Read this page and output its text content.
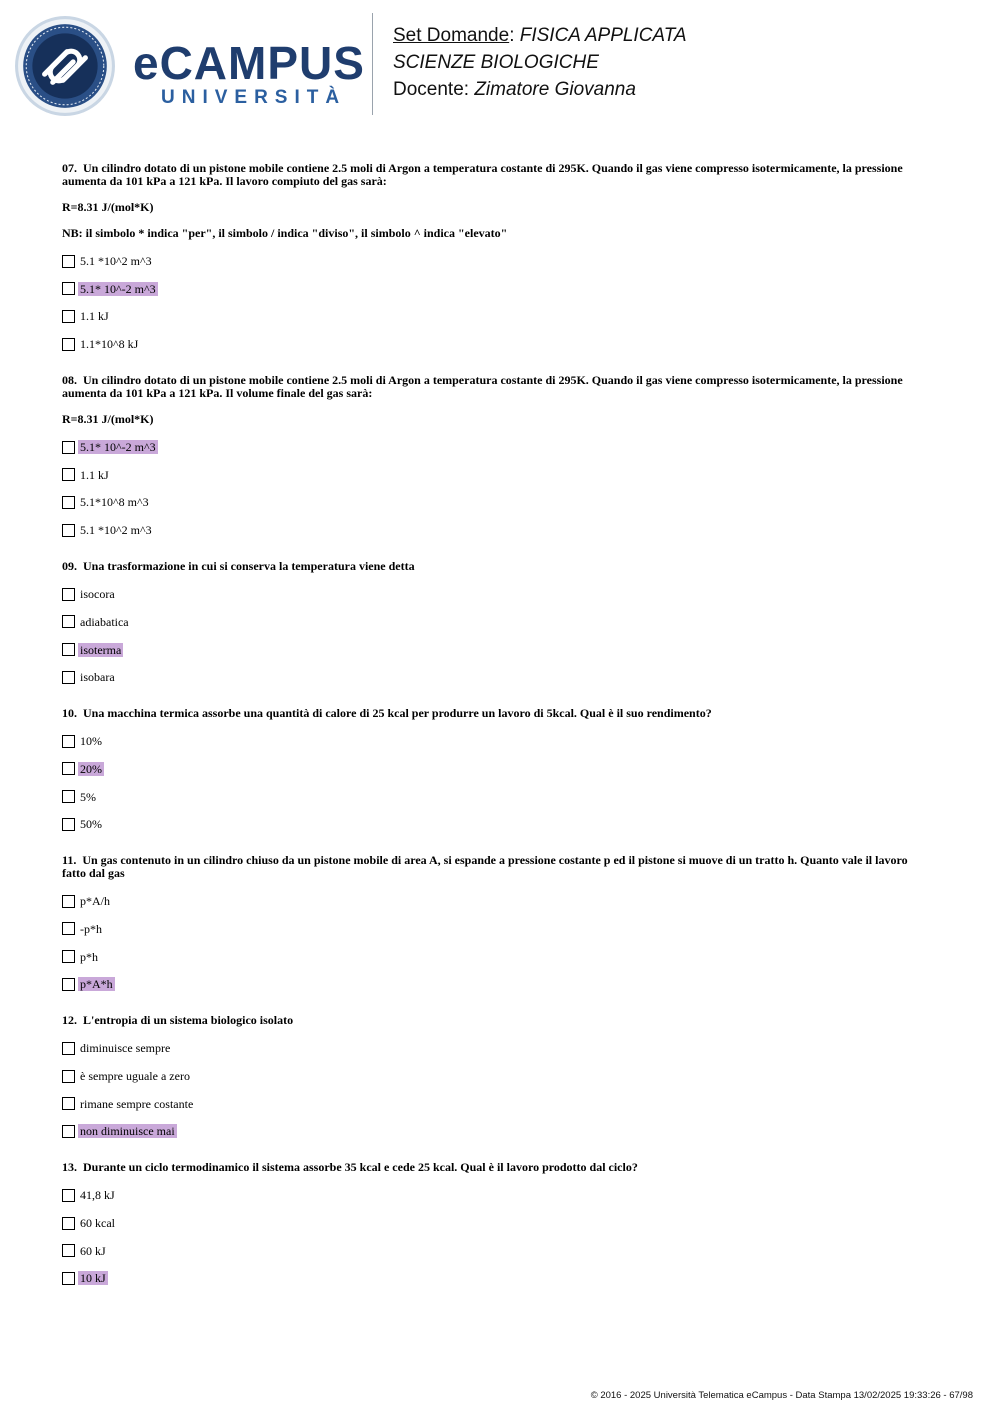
eCAMPUS
UNIVERSITÀ
Set Domande: FISICA APPLICATA
SCIENZE BIOLOGICHE
Docente: Zimatore Giovanna
07. Un cilindro dotato di un pistone mobile contiene 2.5 moli di Argon a temperatura costante di 295K. Quando il gas viene compresso isotermicamente, la pressione aumenta da 101 kPa a 121 kPa. Il lavoro compiuto del gas sarà:
R=8.31 J/(mol*K)
NB: il simbolo * indica "per", il simbolo / indica "diviso", il simbolo ^ indica "elevato"
5.1 *10^2 m^3
5.1* 10^-2 m^3
1.1 kJ
1.1*10^8 kJ
08. Un cilindro dotato di un pistone mobile contiene 2.5 moli di Argon a temperatura costante di 295K. Quando il gas viene compresso isotermicamente, la pressione aumenta da 101 kPa a 121 kPa. Il volume finale del gas sarà:
R=8.31 J/(mol*K)
5.1* 10^-2 m^3
1.1 kJ
5.1*10^8 m^3
5.1 *10^2 m^3
09. Una trasformazione in cui si conserva la temperatura viene detta
isocora
adiabatica
isoterma
isobara
10. Una macchina termica assorbe una quantità di calore di 25 kcal per produrre un lavoro di 5kcal. Qual è il suo rendimento?
10%
20%
5%
50%
11. Un gas contenuto in un cilindro chiuso da un pistone mobile di area A, si espande a pressione costante p ed il pistone si muove di un tratto h. Quanto vale il lavoro fatto dal gas
p*A/h
-p*h
p*h
p*A*h
12. L'entropia di un sistema biologico isolato
diminuisce sempre
è sempre uguale a zero
rimane sempre costante
non diminuisce mai
13. Durante un ciclo termodinamico il sistema assorbe 35 kcal e cede 25 kcal. Qual è il lavoro prodotto dal ciclo?
41,8 kJ
60 kcal
60 kJ
10 kJ
© 2016 - 2025 Università Telematica eCampus - Data Stampa 13/02/2025 19:33:26 - 67/98
